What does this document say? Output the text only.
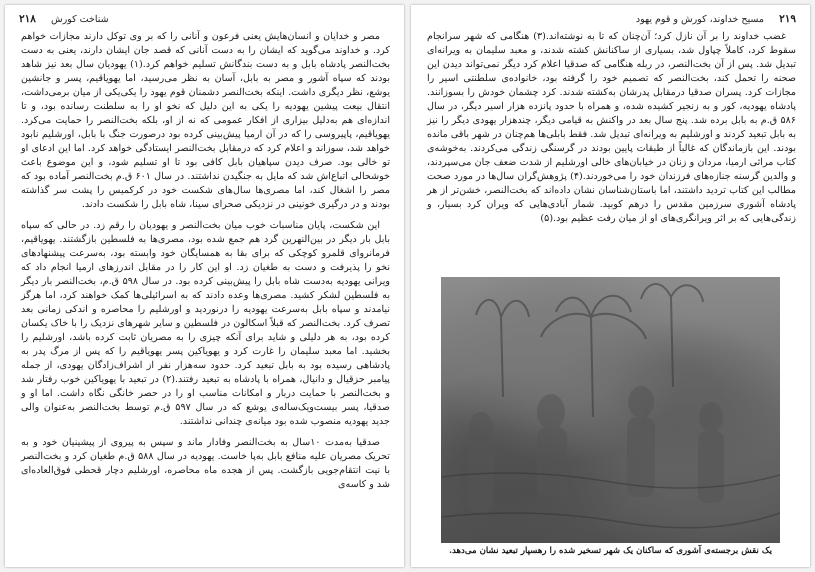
۲۱۸ شناخت کورش

مصر و خدایان و انسان‌هایش یعنی فرعون و آنانی را که بر وی توکل دارند مجازات خواهم کرد. و خداوند می‌گوید که ایشان را به دست آنانی که قصد جان ایشان دارند، یعنی به دست بخت‌النصر پادشاه بابل و به دست بندگانش تسلیم خواهم کرد.(۱) یهودیان سال بعد نیز شاهد بودند که سپاه آشور و مصر به بابل، آسان به نظر می‌رسید، اما یهویاقیم، پسر و جانشین یوشع، نظر دیگری داشت. اینکه بخت‌النصر دشمنان قوم یهود را یکی‌یکی از میان برمی‌داشت، انتقال بیعت پیشین یهودیه را یکی به این دلیل که نخو او را به سلطنت رسانده بود، و تا اندازه‌ای هم به‌دلیل بیزاری از افکار عمومی که نه از او، بلکه بخت‌النصر را حمایت می‌کرد. یهویاقیم، پاپیروسی را که در آن ارمیا پیش‌بینی کرده بود درصورت جنگ با بابل، اورشلیم نابود خواهد شد، سوزاند و اعلام کرد که درمقابل بخت‌النصر ایستادگی خواهد کرد. اما این ادعای او تو خالی بود. صرف دیدن سپاهیان بابل کافی بود تا او تسلیم شود، و این موضوع باعث خوشحالی اتباع‌اش شد که مایل به جنگیدن نداشتند. در سال ۶۰۱ ق.م بخت‌النصر آماده بود که مصر را اشغال کند، اما مصری‌ها سال‌های شکست خود در کرکمیس را پشت سر گذاشته بودند و در درگیری خونینی در نزدیکی صحرای سینا، شاه بابل را شکست دادند.

این شکست، پایان مناسبات خوب میان بخت‌النصر و یهودیان را رقم زد. در حالی که سپاه بابل بار دیگر در بین‌النهرین گرد هم جمع شده بود، مصری‌ها به فلسطین بازگشتند. یهویاقیم، فرمانروای قلمرو کوچکی که برای بقا به همسایگان خود وابسته بود، به‌سرعت پیشنهادهای نخو را پذیرفت و دست به طغیان زد. او این کار را در مقابل اندرزهای ارمیا انجام داد که ویرانی یهودیه به‌دست شاه بابل را پیش‌بینی کرده بود. در سال ۵۹۸ ق.م، بخت‌النصر بار دیگر به فلسطین لشکر کشید. مصری‌ها وعده دادند که به اسرائیلی‌ها کمک خواهند کرد، اما هرگز نیامدند و سپاه بابل به‌سرعت یهودیه را درنوردید و اورشلیم را محاصره و اندکی زمانی بعد تصرف کرد. بخت‌النصر که قبلاً اسکالون در فلسطین و سایر شهرهای نزدیک را با خاک یکسان کرده بود، به هر دلیلی و شاید برای آنکه چیزی را به مصریان ثابت کرده باشد، اورشلیم را بخشید. اما معبد سلیمان را غارت کرد و یهویاکین پسر یهویاقیم را که پس از مرگ پدر به پادشاهی رسیده بود به بابل تبعید کرد. حدود سه‌هزار نفر از اشراف‌زادگان یهودی، از جمله پیامبر حزقیال و دانیال، همراه با پادشاه به تبعید رفتند.(۲) در تبعید با یهویاکین خوب رفتار شد و بخت‌النصر با حمایت دربار و امکانات مناسب او را در حصر خانگی نگاه داشت. اما او و صدقیا، پسر بیست‌ویک‌ساله‌ی یوشع که در سال ۵۹۷ ق.م توسط بخت‌النصر به‌عنوان والی جدید یهودیه منصوب شده بود میانه‌ی چندانی نداشتند.

صدقیا به‌مدت ۱۰سال به بخت‌النصر وفادار ماند و سپس به پیروی از پیشینیان خود و به تحریک مصریان علیه منافع بابل به‌پا خاست. یهودیه در سال ۵۸۸ ق.م طغیان کرد و بخت‌النصر با نیت انتقام‌جویی بازگشت. پس از هجده ماه محاصره، اورشلیم دچار قحطی فوق‌العاده‌ای شد و کاسه‌ی

۲۱۹
مسیح خداوند، کورش و قوم یهود

غضب خداوند را بر آن نازل کرد؛ آن‌چنان که تا به نوشته‌اند.(۳) هنگامی که شهر سرانجام سقوط کرد، کاملاً چپاول شد، بسیاری از ساکنانش کشته شدند، و معبد سلیمان به ویرانه‌ای تبدیل شد. پس از آن بخت‌النصر، در ربله هنگامی که صدقیا اعلام کرد دیگر نمی‌تواند دیدن این صحنه را تحمل کند، بخت‌النصر که تصمیم خود را گرفته بود، خانواده‌ی سلطنتی اسیر را مجازات کرد. پسران صدقیا درمقابل پدرشان به‌کشته شدند. کرد چشمان خودش را بسوزانند. پادشاه یهودیه، کور و به زنجیر کشیده شده، و همراه با حدود پانزده هزار اسیر دیگر، در سال ۵۸۶ ق.م به بابل برده شد. پنج سال بعد در واکنش به قیامی دیگر، چندهزار یهودی دیگر را نیز به بابل تبعید کردند و اورشلیم به ویرانه‌ای تبدیل شد. فقط بابلی‌ها هم‌چنان در شهر باقی مانده بودند. این بازماندگان که غالباً از طبقات پایین بودند در گرسنگی زندگی می‌کردند. به‌خوشه‌ی کتاب مراثی ارمیا، مردان و زنان در خیابان‌های خالی اورشلیم از شدت ضعف جان می‌سپردند، و والدین گرسنه جنازه‌های فرزندان خود را می‌خوردند.(۴) پژوهش‌گران سال‌ها در مورد صحت مطالب این کتاب تردید داشتند، اما باستان‌شناسان نشان داده‌اند که بخت‌النصر، خشن‌تر از هر پادشاه آشوری سرزمین مقدس را درهم کوبید. شمار آبادی‌هایی که ویران کرد بسیار، و زندگی‌هایی که بر اثر ویرانگری‌های او از میان رفت عظیم بود.(۵)

یک نقش برجسته‌ی آشوری که ساکنان یک شهر تسخیر شده را رهسپار تبعید نشان می‌دهد.
